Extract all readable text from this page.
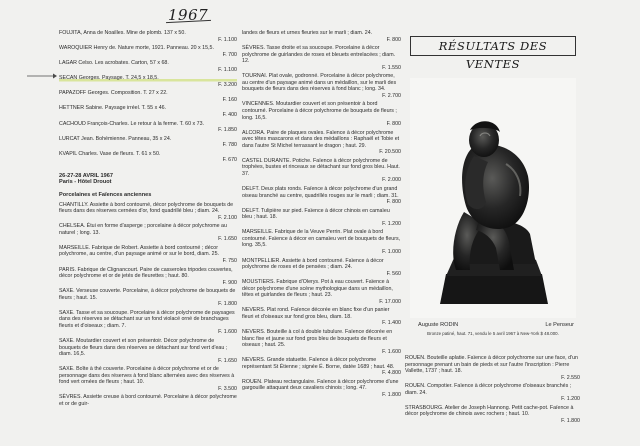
1967
FOUJITA, Anna de Noailles. Mine de plomb. 137 x 50.
F. 1.100
WAROQUIER Henry de. Nature morte, 1921. Panneau. 20 x 15,5.
F. 700
LAGAR Celso. Les acrobates. Carton, 57 x 68.
F. 1.100
SECAN Georges. Paysage. T. 24,5 x 18,5.
F. 3.200
PAPAZOFF Georges. Composition. T. 27 x 22.
F. 160
HETTNER Sabine. Paysage irréel. T. 55 x 46.
F. 400
CACHOUD François-Charles. Le retour à la ferme. T. 60 x 73.
F. 1.850
LURCAT Jean. Bohémienne. Panneau, 35 x 24.
F. 780
KVAPIL Charles. Vase de fleurs. T. 61 x 50.
F. 670
26-27-28 AVRIL 1967
Paris - Hôtel Drouot
Porcelaines et Faïences anciennes
CHANTILLY. Assiette à bord contourné, décor polychrome de bouquets de fleurs dans des réserves cernées d'or, fond quadrillé bleu ; diam. 24.
F. 2.100
CHELSEA. Étui en forme d'asperge ; porcelaine à décor polychrome au naturel ; long. 13.
F. 1.650
MARSEILLE. Fabrique de Robert. Assiette à bord contourné ; décor polychrome, au centre, d'un paysage animé or sur le bord, diam. 25.
F. 750
PARIS. Fabrique de Clignancourt. Paire de casseroles tripodes couvertes, décor polychrome et or de jetés de fleurettes ; haut. 80.
F. 900
SAXE. Verseuse couverte. Porcelaine, à décor polychrome de bouquets de fleurs ; haut. 15.
F. 1.800
SAXE. Tasse et sa soucoupe. Porcelaine à décor polychrome de paysages dans des réserves se détachant sur un fond violacé orné de branchages fleuris et d'oiseaux ; diam. 7.
F. 1.600
SAXE. Moutardier couvert et son présentoir. Décor polychrome de bouquets de fleurs dans des réserves se détachant sur fond vert d'eau ; diam. 16,5.
F. 1.650
SAXE. Boîte à thé couverte. Porcelaine à décor polychrome et or de personnage dans des réserves à fond blanc alternées avec des réserves à fond vert ornées de fleurs ; haut. 10.
F. 3.500
SÈVRES. Assiette creuse à bord contourné. Porcelaine à décor polychrome et or de guir-
landes de fleurs et urnes fleuries sur le marli ; diam. 24.
F. 800
SÈVRES. Tasse droite et sa soucoupe. Porcelaine à décor polychrome de guirlandes de roses et bleuets entrelacées ; diam. 12.
F. 1.550
TOURNAI. Plat ovale, godronné. Porcelaine à décor polychrome, au centre d'un paysage animé dans un médaillon, sur le marli des bouquets de fleurs dans des réserves à fond blanc ; long. 34.
F. 2.700
VINCENNES. Moutardier couvert et son présentoir à bord contourné. Porcelaine à décor polychrome de bouquets de fleurs ; long. 16,5.
F. 800
ALCORA. Paire de plaques ovales. Faïence à décor polychrome avec têtes mascarons et dans des médaillons : Raphaël et Tobie et dans l'autre St Michel terrassant le dragon ; haut. 29.
F. 20.500
CASTEL DURANTE. Potiche. Faïence à décor polychrome de trophées, bustes et rinceaux se détachant sur fond gros bleu. Haut. 37.
F. 2.000
DELFT. Deux plats ronds. Faïence à décor polychrome d'un grand oiseau branché au centre, quadrillés rouges sur le marli ; diam. 31.
F. 800
DELFT. Tulipière sur pied. Faïence à décor chinois en camaïeu bleu ; haut. 18.
F. 1.200
MARSEILLE. Fabrique de la Veuve Perrin. Plat ovale à bord contourné. Faïence à décor en camaïeu vert de bouquets de fleurs, long. 35,5.
F. 1.000
MONTPELLIER. Assiette à bord contourné. Faïence à décor polychrome de roses et de pensées ; diam. 24.
F. 560
MOUSTIERS. Fabrique d'Olerys. Pot à eau couvert. Faïence à décor polychrome d'une scène mythologique dans un médaillon, têtes et guirlandes de fleurs ; haut. 23.
F. 17.000
NEVERS. Plat rond. Faïence décorée en blanc fixe d'un panier fleuri et d'oiseaux sur fond gros bleu, diam. 18.
F. 1.400
NEVERS. Bouteille à col à double tubulure. Faïence décorée en blanc fixe et jaune sur fond gros bleu de bouquets de fleurs et oiseaux ; haut. 25.
F. 1.600
NEVERS. Grande statuette. Faïence à décor polychrome représentant St Étienne ; signée É. Borne, datée 1689 ; haut. 48.
F. 4.800
ROUEN. Plateau rectangulaire. Faïence à décor polychrome d'une gargouille attaquant deux cavaliers chinois ; long. 47.
F. 1.800
RÉSULTATS DES VENTES
Auguste RODIN	Le Penseur
Bronze patiné, haut. 71, vendu le 5 avril 1967 à New-York $ 48.000.
ROUEN. Bouteille aplatie. Faïence à décor polychrome sur une face, d'un personnage prenant un bain de pieds et sur l'autre l'inscription : Pierre Vallette, 1737 ; haut. 18.
F. 2.550
ROUEN. Compotier. Faïence à décor polychrome d'oiseaux branchés ; diam. 24.
F. 1.200
STRASBOURG. Atelier de Joseph Hannong. Petit cache-pot. Faïence à décor polychrome de chinois avec rochers ; haut. 10.
F. 1.800
